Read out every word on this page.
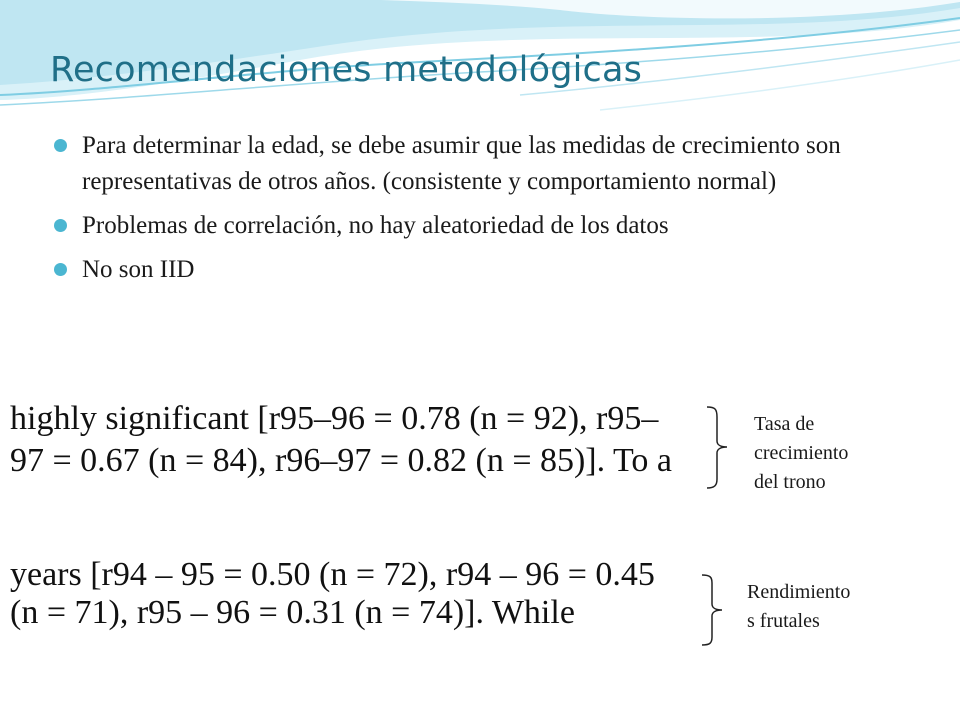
Recomendaciones metodológicas
Para determinar la edad, se debe asumir que las medidas de crecimiento son representativas de otros años. (consistente y comportamiento normal)
Problemas de correlación, no hay aleatoriedad de los datos
No son IID
highly significant [r95–96 = 0.78 (n = 92), r95–
97 = 0.67 (n = 84), r96–97 = 0.82 (n = 85)]. To a
Tasa de
crecimiento
del trono
years [r94 – 95 = 0.50 (n = 72), r94 – 96 = 0.45
(n = 71), r95 – 96 = 0.31 (n = 74)]. While
Rendimiento
s frutales
